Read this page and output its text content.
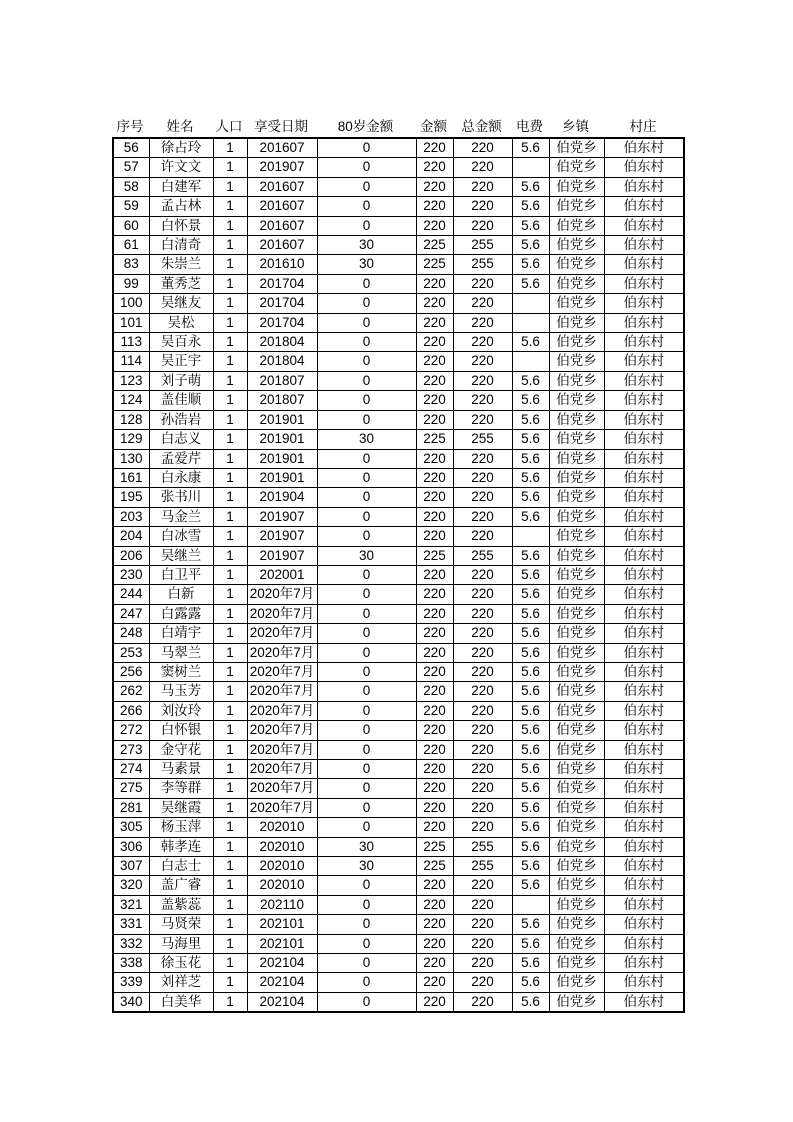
序号	姓名	人口	享受日期	80岁金额	金额	总金额	电费	乡镇	村庄
56	徐占玲	1	201607	0	220	220	5.6	伯党乡	伯东村
57	许文文	1	201907	0	220	220		伯党乡	伯东村
58	白建军	1	201607	0	220	220	5.6	伯党乡	伯东村
59	孟占林	1	201607	0	220	220	5.6	伯党乡	伯东村
60	白怀景	1	201607	0	220	220	5.6	伯党乡	伯东村
61	白清奇	1	201607	30	225	255	5.6	伯党乡	伯东村
83	朱崇兰	1	201610	30	225	255	5.6	伯党乡	伯东村
99	董秀芝	1	201704	0	220	220	5.6	伯党乡	伯东村
100	吴继友	1	201704	0	220	220		伯党乡	伯东村
101	吴松	1	201704	0	220	220		伯党乡	伯东村
113	吴百永	1	201804	0	220	220	5.6	伯党乡	伯东村
114	吴正宇	1	201804	0	220	220		伯党乡	伯东村
123	刘子萌	1	201807	0	220	220	5.6	伯党乡	伯东村
124	盖佳顺	1	201807	0	220	220	5.6	伯党乡	伯东村
128	孙浩岩	1	201901	0	220	220	5.6	伯党乡	伯东村
129	白志义	1	201901	30	225	255	5.6	伯党乡	伯东村
130	孟爱芹	1	201901	0	220	220	5.6	伯党乡	伯东村
161	白永康	1	201901	0	220	220	5.6	伯党乡	伯东村
195	张书川	1	201904	0	220	220	5.6	伯党乡	伯东村
203	马金兰	1	201907	0	220	220	5.6	伯党乡	伯东村
204	白冰雪	1	201907	0	220	220		伯党乡	伯东村
206	吴继兰	1	201907	30	225	255	5.6	伯党乡	伯东村
230	白卫平	1	202001	0	220	220	5.6	伯党乡	伯东村
244	白新	1	2020年7月	0	220	220	5.6	伯党乡	伯东村
247	白露露	1	2020年7月	0	220	220	5.6	伯党乡	伯东村
248	白靖宇	1	2020年7月	0	220	220	5.6	伯党乡	伯东村
253	马翠兰	1	2020年7月	0	220	220	5.6	伯党乡	伯东村
256	窦树兰	1	2020年7月	0	220	220	5.6	伯党乡	伯东村
262	马玉芳	1	2020年7月	0	220	220	5.6	伯党乡	伯东村
266	刘汝玲	1	2020年7月	0	220	220	5.6	伯党乡	伯东村
272	白怀银	1	2020年7月	0	220	220	5.6	伯党乡	伯东村
273	金守花	1	2020年7月	0	220	220	5.6	伯党乡	伯东村
274	马素景	1	2020年7月	0	220	220	5.6	伯党乡	伯东村
275	李等群	1	2020年7月	0	220	220	5.6	伯党乡	伯东村
281	吴继霞	1	2020年7月	0	220	220	5.6	伯党乡	伯东村
305	杨玉萍	1	202010	0	220	220	5.6	伯党乡	伯东村
306	韩孝连	1	202010	30	225	255	5.6	伯党乡	伯东村
307	白志士	1	202010	30	225	255	5.6	伯党乡	伯东村
320	盖广睿	1	202010	0	220	220	5.6	伯党乡	伯东村
321	盖紫蕊	1	202110	0	220	220		伯党乡	伯东村
331	马贤荣	1	202101	0	220	220	5.6	伯党乡	伯东村
332	马海里	1	202101	0	220	220	5.6	伯党乡	伯东村
338	徐玉花	1	202104	0	220	220	5.6	伯党乡	伯东村
339	刘祥芝	1	202104	0	220	220	5.6	伯党乡	伯东村
340	白美华	1	202104	0	220	220	5.6	伯党乡	伯东村
